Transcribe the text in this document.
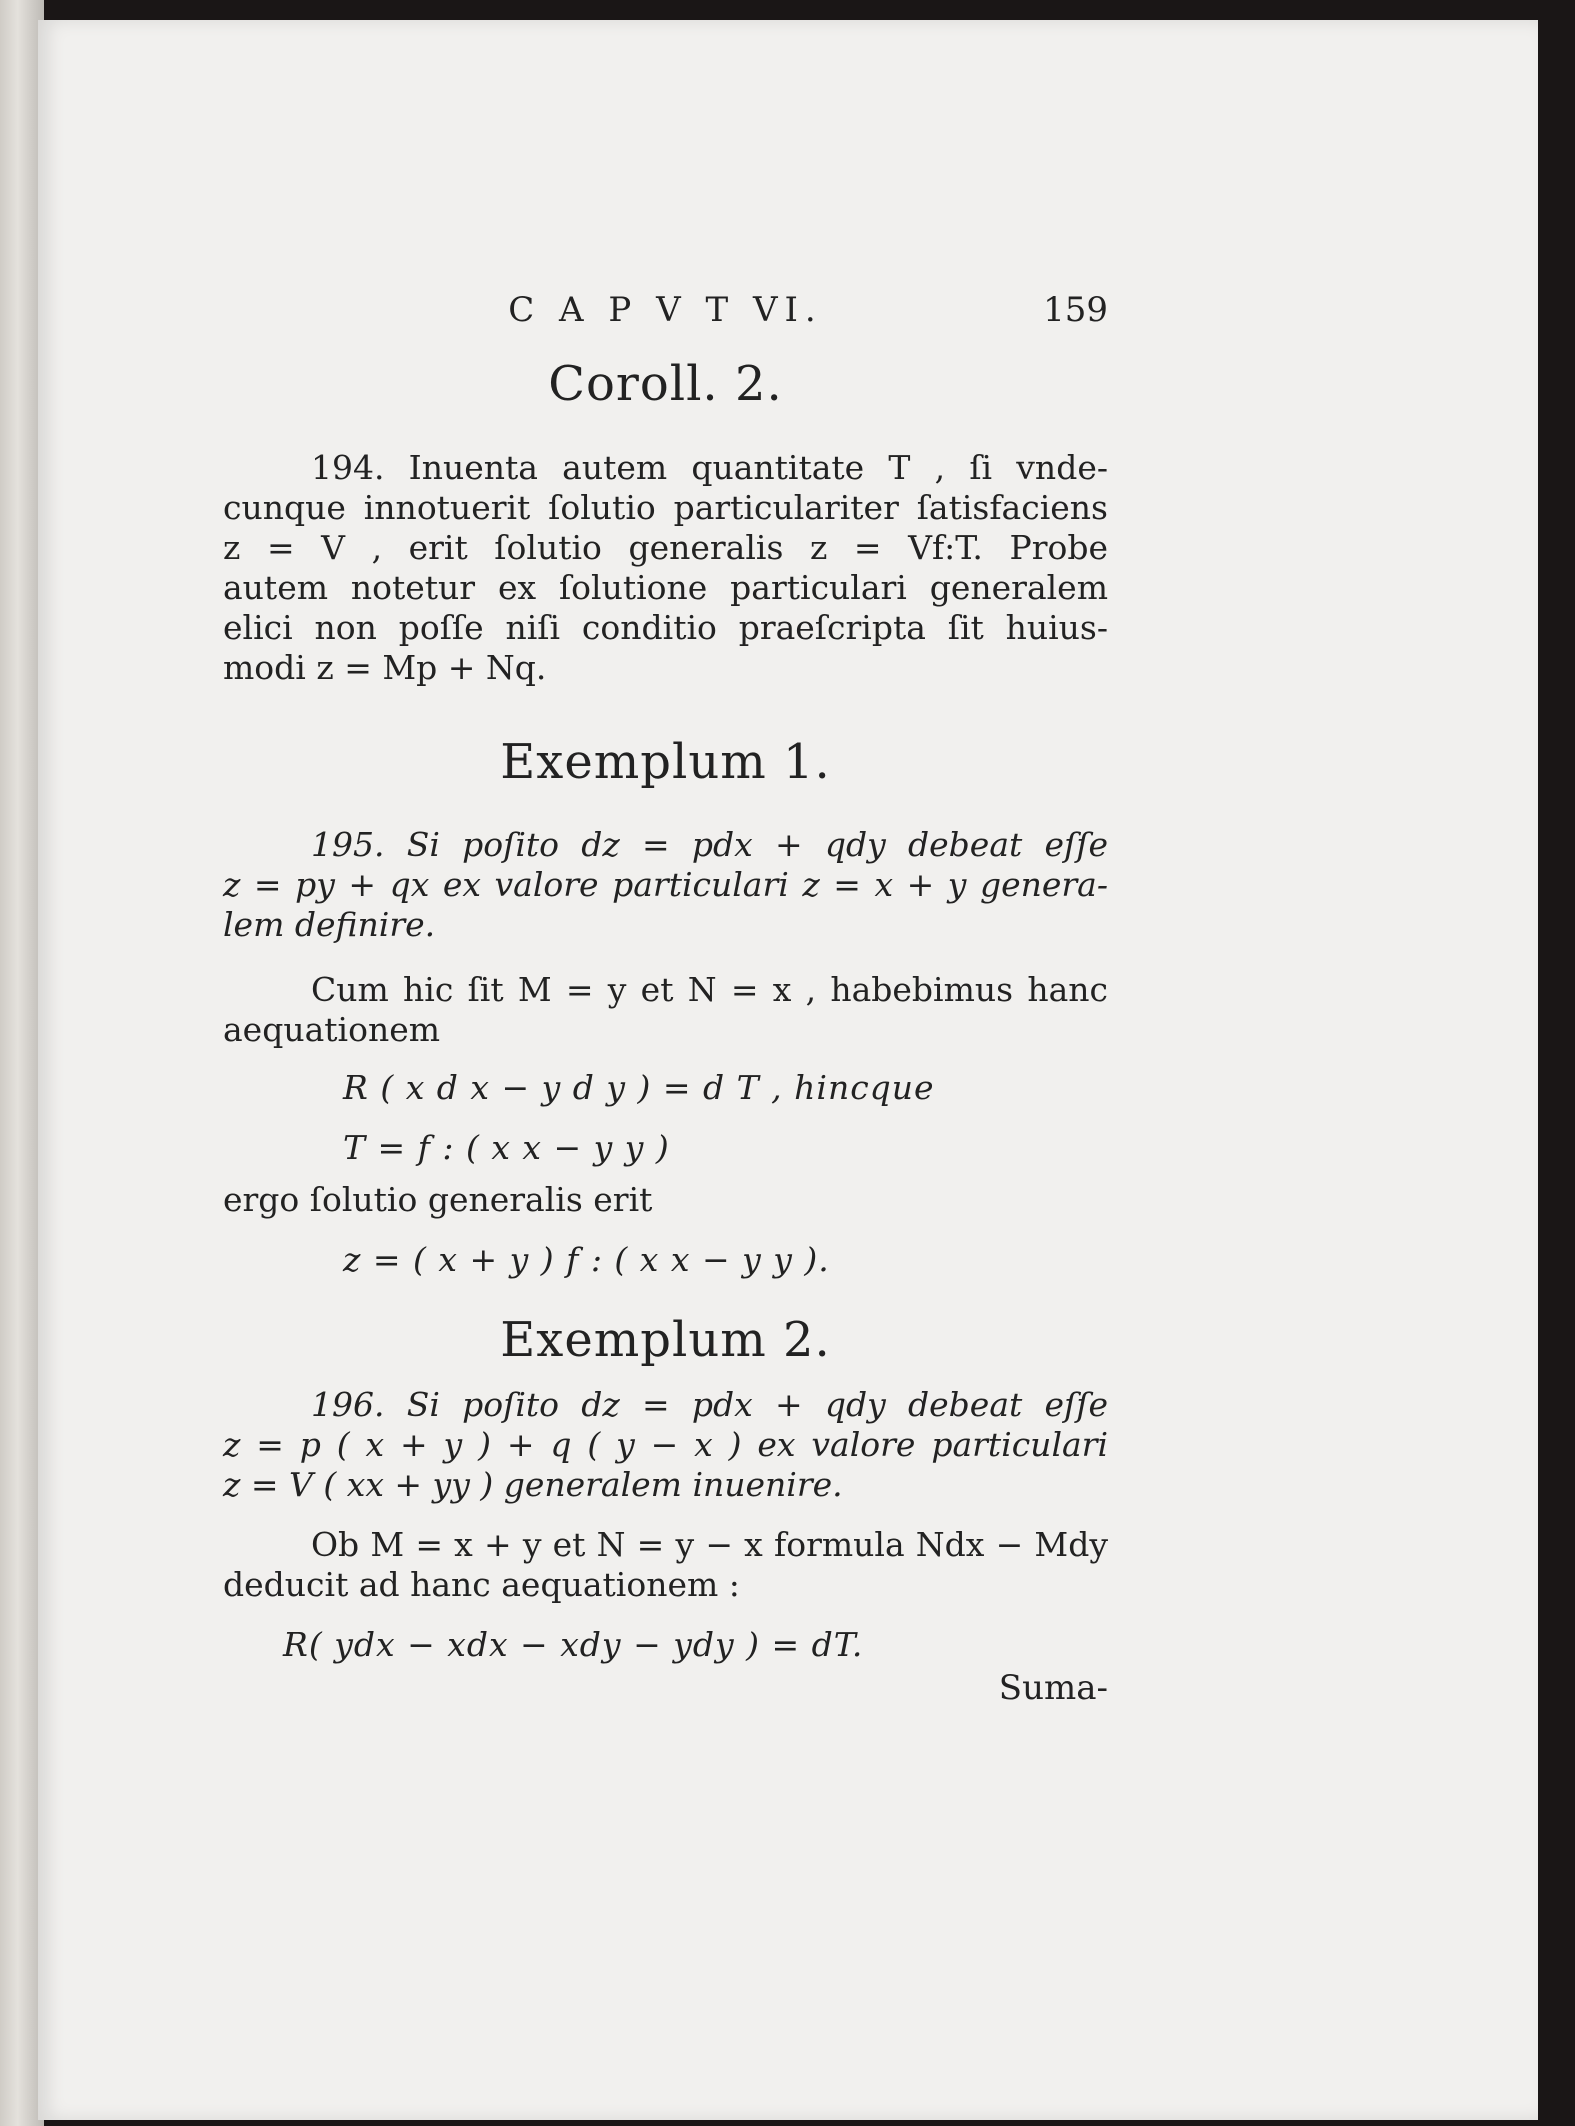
C A P V T VI.	159
Coroll. 2.
194. Inuenta autem quantitate T , ſi vnde-
cunque innotuerit ſolutio particulariter ſatisfaciens
z = V , erit ſolutio generalis z = Vf:T. Probe
autem notetur ex ſolutione particulari generalem
elici non poſſe niſi conditio praeſcripta ſit huius-
modi z = Mp + Nq.
Exemplum 1.
195. Si poſito dz = pdx + qdy debeat eſſe
z = py + qx ex valore particulari z = x + y genera-
lem definire.
Cum hic ſit M = y et N = x , habebimus hanc
aequationem
R ( x d x − y d y ) = d T , hincque
T = f : ( x x − y y )
ergo ſolutio generalis erit
z = ( x + y ) f : ( x x − y y ).
Exemplum 2.
196. Si poſito dz = pdx + qdy debeat eſſe
z = p ( x + y ) + q ( y − x ) ex valore particulari
z = V ( xx + yy ) generalem inuenire.
Ob M = x + y et N = y − x formula Ndx − Mdy
deducit ad hanc aequationem :
R( ydx − xdx − xdy − ydy ) = dT.
Suma-
